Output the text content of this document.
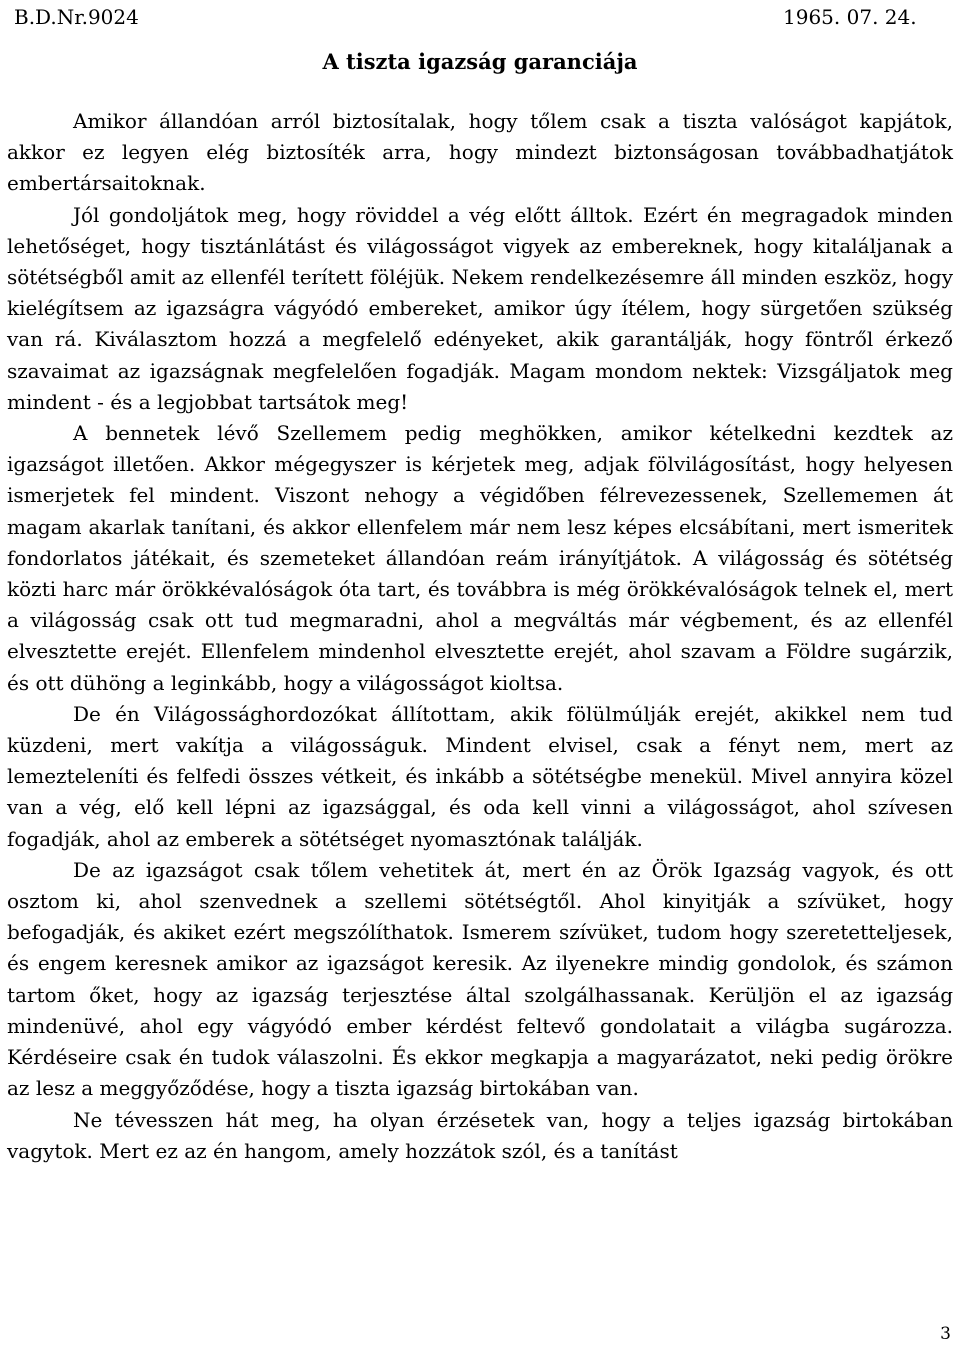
B.D.Nr.9024	1965. 07. 24.
A tiszta igazság garanciája

Amikor állandóan arról biztosítalak, hogy tőlem csak a tiszta valóságot kapjátok, akkor ez legyen elég biztosíték arra, hogy mindezt biztonságosan továbbadhatjátok embertársaitoknak.

Jól gondoljátok meg, hogy röviddel a vég előtt álltok. Ezért én megragadok minden lehetőséget, hogy tisztánlátást és világosságot vigyek az embereknek, hogy kitaláljanak a sötétségből amit az ellenfél terített föléjük. Nekem rendelkezésemre áll minden eszköz, hogy kielégítsem az igazságra vágyódó embereket, amikor úgy ítélem, hogy sürgetően szükség van rá. Kiválasztom hozzá a megfelelő edényeket, akik garantálják, hogy föntről érkező szavaimat az igazságnak megfelelően fogadják. Magam mondom nektek: Vizsgáljatok meg mindent - és a legjobbat tartsátok meg!

A bennetek lévő Szellemem pedig meghökken, amikor kételkedni kezdtek az igazságot illetően. Akkor mégegyszer is kérjetek meg, adjak fölvilágosítást, hogy helyesen ismerjetek fel mindent. Viszont nehogy a végidőben félrevezessenek, Szellememen át magam akarlak tanítani, és akkor ellenfelem már nem lesz képes elcsábítani, mert ismeritek fondorlatos játékait, és szemeteket állandóan reám irányítjátok. A világosság és sötétség közti harc már örökkévalóságok óta tart, és továbbra is még örökkévalóságok telnek el, mert a világosság csak ott tud megmaradni, ahol a megváltás már végbement, és az ellenfél elvesztette erejét. Ellenfelem mindenhol elvesztette erejét, ahol szavam a Földre sugárzik, és ott dühöng a leginkább, hogy a világosságot kioltsa.

De én Világossághordozókat állítottam, akik fölülmúlják erejét, akikkel nem tud küzdeni, mert vakítja a világosságuk. Mindent elvisel, csak a fényt nem, mert az lemezteleníti és felfedi összes vétkeit, és inkább a sötétségbe menekül. Mivel annyira közel van a vég, elő kell lépni az igazsággal, és oda kell vinni a világosságot, ahol szívesen fogadják, ahol az emberek a sötétséget nyomasztónak találják.

De az igazságot csak tőlem vehetitek át, mert én az Örök Igazság vagyok, és ott osztom ki, ahol szenvednek a szellemi sötétségtől. Ahol kinyitják a szívüket, hogy befogadják, és akiket ezért megszólíthatok. Ismerem szívüket, tudom hogy szeretetteljesek, és engem keresnek amikor az igazságot keresik. Az ilyenekre mindig gondolok, és számon tartom őket, hogy az igazság terjesztése által szolgálhassanak. Kerüljön el az igazság mindenüvé, ahol egy vágyódó ember kérdést feltevő gondolatait a világba sugározza. Kérdéseire csak én tudok válaszolni. És ekkor megkapja a magyarázatot, neki pedig örökre az lesz a meggyőződése, hogy a tiszta igazság birtokában van.

Ne tévesszen hát meg, ha olyan érzésetek van, hogy a teljes igazság birtokában vagytok. Mert ez az én hangom, amely hozzátok szól, és a tanítást

3
